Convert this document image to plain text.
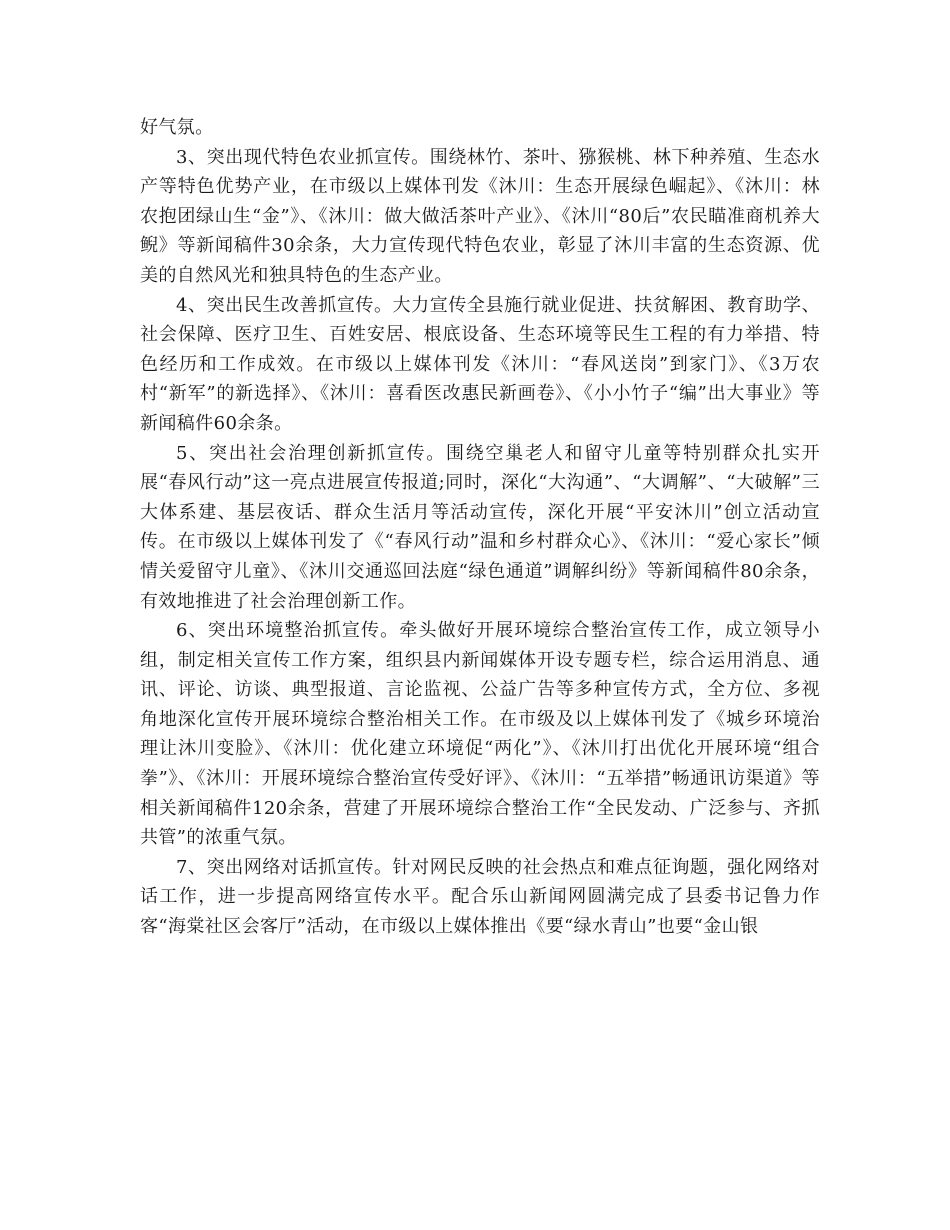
好气氛。

3、突出现代特色农业抓宣传。围绕林竹、茶叶、猕猴桃、林下种养殖、生态水产等特色优势产业，在市级以上媒体刊发《沐川：生态开展绿色崛起》、《沐川：林农抱团绿山生“金”》、《沐川：做大做活茶叶产业》、《沐川“80后”农民瞄准商机养大鲵》等新闻稿件30余条，大力宣传现代特色农业，彰显了沐川丰富的生态资源、优美的自然风光和独具特色的生态产业。

4、突出民生改善抓宣传。大力宣传全县施行就业促进、扶贫解困、教育助学、社会保障、医疗卫生、百姓安居、根底设备、生态环境等民生工程的有力举措、特色经历和工作成效。在市级以上媒体刊发《沐川：“春风送岗”到家门》、《3万农村“新军”的新选择》、《沐川：喜看医改惠民新画卷》、《小小竹子“编”出大事业》等新闻稿件60余条。

5、突出社会治理创新抓宣传。围绕空巢老人和留守儿童等特别群众扎实开展“春风行动”这一亮点进展宣传报道;同时，深化“大沟通”、“大调解”、“大破解”三大体系建、基层夜话、群众生活月等活动宣传，深化开展“平安沐川”创立活动宣传。在市级以上媒体刊发了《“春风行动”温和乡村群众心》、《沐川：“爱心家长”倾情关爱留守儿童》、《沐川交通巡回法庭“绿色通道”调解纠纷》等新闻稿件80余条，有效地推进了社会治理创新工作。

6、突出环境整治抓宣传。牵头做好开展环境综合整治宣传工作，成立领导小组，制定相关宣传工作方案，组织县内新闻媒体开设专题专栏，综合运用消息、通讯、评论、访谈、典型报道、言论监视、公益广告等多种宣传方式，全方位、多视角地深化宣传开展环境综合整治相关工作。在市级及以上媒体刊发了《城乡环境治理让沐川变脸》、《沐川：优化建立环境促“两化”》、《沐川打出优化开展环境“组合拳”》、《沐川：开展环境综合整治宣传受好评》、《沐川：“五举措”畅通讯访渠道》等相关新闻稿件120余条，营建了开展环境综合整治工作“全民发动、广泛参与、齐抓共管”的浓重气氛。

7、突出网络对话抓宣传。针对网民反映的社会热点和难点征询题，强化网络对话工作，进一步提高网络宣传水平。配合乐山新闻网圆满完成了县委书记鲁力作客“海棠社区会客厅”活动，在市级以上媒体推出《要“绿水青山”也要“金山银
